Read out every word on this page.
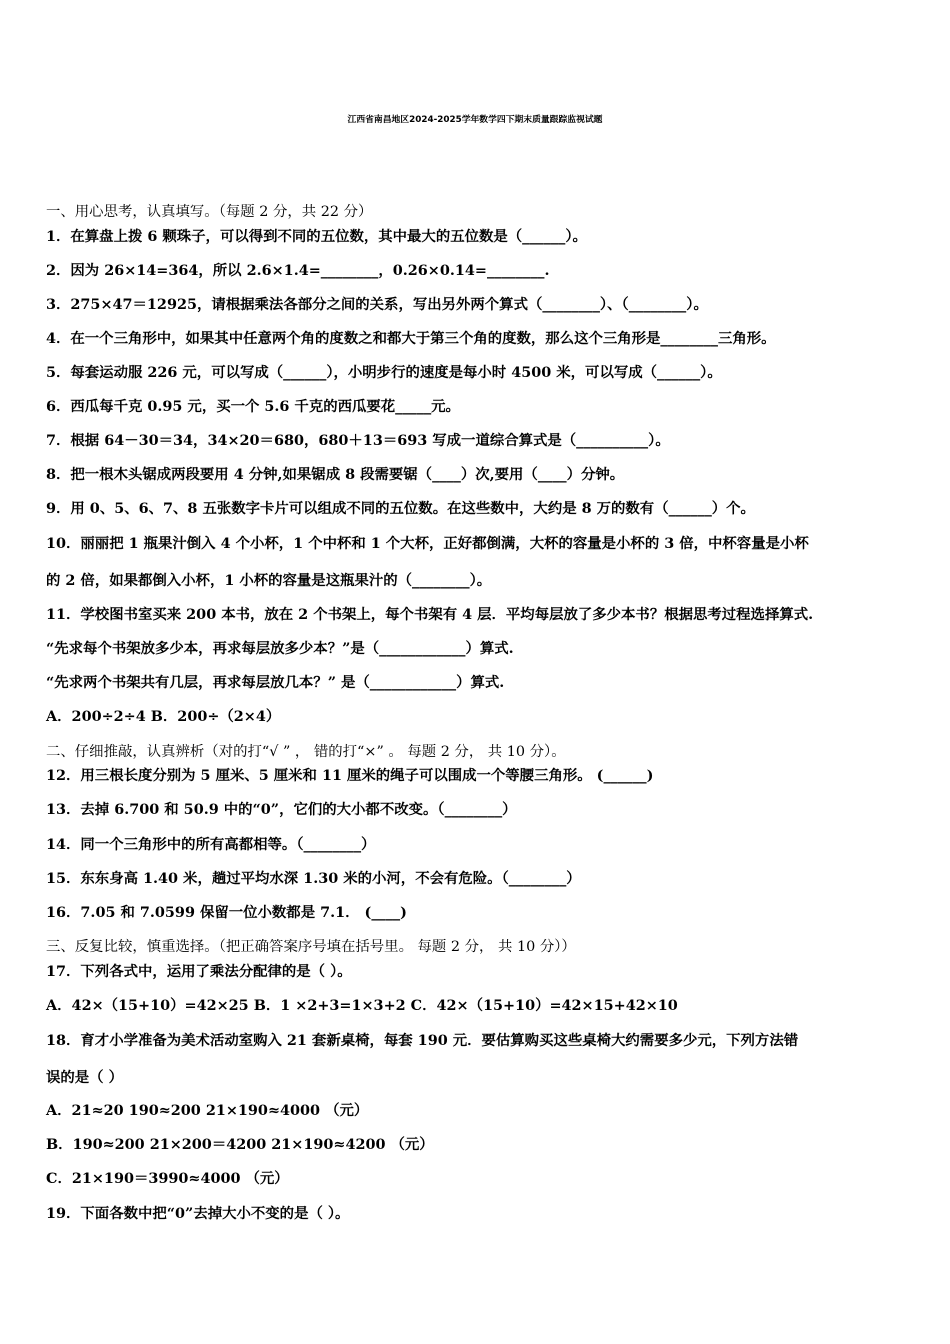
江西省南昌地区2024-2025学年数学四下期末质量跟踪监视试题
一、用心思考，认真填写。（每题 2 分，共 22 分）
1．在算盘上拨 6 颗珠子，可以得到不同的五位数，其中最大的五位数是（______）。
2．因为 26×14=364，所以 2.6×1.4=________，0.26×0.14=________.
3．275×47＝12925，请根据乘法各部分之间的关系，写出另外两个算式（________）、（________）。
4．在一个三角形中，如果其中任意两个角的度数之和都大于第三个角的度数，那么这个三角形是________三角形。
5．每套运动服 226 元，可以写成（______），小明步行的速度是每小时 4500 米，可以写成（______）。
6．西瓜每千克 0.95 元，买一个 5.6 千克的西瓜要花_____元。
7．根据 64－30＝34，34×20＝680，680＋13＝693 写成一道综合算式是（__________）。
8．把一根木头锯成两段要用 4 分钟,如果锯成 8 段需要锯（____）次,要用（____）分钟。
9．用 0、5、6、7、8 五张数字卡片可以组成不同的五位数。在这些数中，大约是 8 万的数有（______）个。
10．丽丽把 1 瓶果汁倒入 4 个小杯，1 个中杯和 1 个大杯，正好都倒满，大杯的容量是小杯的 3 倍，中杯容量是小杯
的 2 倍，如果都倒入小杯，1 小杯的容量是这瓶果汁的（________）。
11．学校图书室买来 200 本书，放在 2 个书架上，每个书架有 4 层．平均每层放了多少本书？根据思考过程选择算式.
“先求每个书架放多少本，再求每层放多少本？”是（____________）算式.
“先求两个书架共有几层，再求每层放几本？” 是（____________）算式.
A．200÷2÷4 B．200÷（2×4）
二、仔细推敲，认真辨析（对的打“√ ” ， 错的打“×” 。 每题 2 分， 共 10 分）。
12．用三根长度分别为 5 厘米、5 厘米和 11 厘米的绳子可以围成一个等腰三角形。 (______)
13．去掉 6.700 和 50.9 中的“0”，它们的大小都不改变。（________）
14．同一个三角形中的所有高都相等。（________）
15．东东身高 1.40 米，趟过平均水深 1.30 米的小河，不会有危险。（________）
16．7.05 和 7.0599 保留一位小数都是 7.1． (____)
三、反复比较，慎重选择。（把正确答案序号填在括号里。 每题 2 分， 共 10 分））
17．下列各式中，运用了乘法分配律的是（ ）。
A．42×（15+10）=42×25 B．1 ×2+3=1×3+2 C．42×（15+10）=42×15+42×10
18．育才小学准备为美术活动室购入 21 套新桌椅，每套 190 元．要估算购买这些桌椅大约需要多少元，下列方法错
误的是（ ）
A．21≈20 190≈200 21×190≈4000 （元）
B．190≈200 21×200＝4200 21×190≈4200 （元）
C．21×190＝3990≈4000 （元）
19．下面各数中把“0”去掉大小不变的是（ ）。
